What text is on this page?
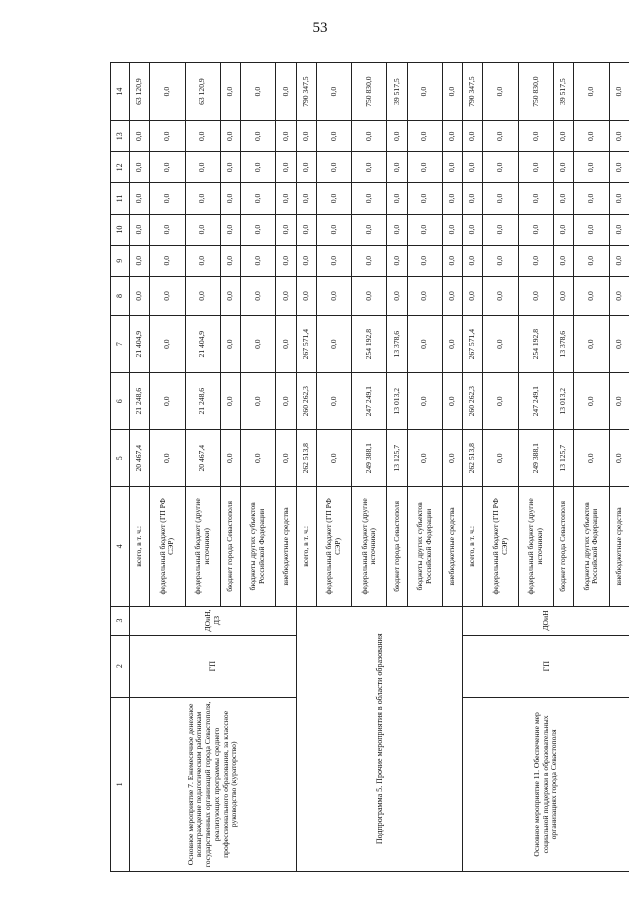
53
1	2	3	4	5	6	7	8	9	10	11	12	13	14
Основное мероприятие 7. Ежемесячное денежное вознаграждение педагогическим работникам государственных организаций города Севастополя, реализующих программы среднего профессионального образования, за классное руководство (кураторство)	ГП	ДОиН, ДЗ	всего, в т. ч.:	20 467,4	21 248,6	21 404,9	0,0	0,0	0,0	0,0	0,0	0,0	63 120,9
			федеральный бюджет (ГП РФ СЭР)	0,0	0,0	0,0	0,0	0,0	0,0	0,0	0,0	0,0	0,0
			федеральный бюджет (другие источники)	20 467,4	21 248,6	21 404,9	0,0	0,0	0,0	0,0	0,0	0,0	63 120,9
			бюджет города Севастополя	0,0	0,0	0,0	0,0	0,0	0,0	0,0	0,0	0,0	0,0
			бюджеты других субъектов Российской Федерации	0,0	0,0	0,0	0,0	0,0	0,0	0,0	0,0	0,0	0,0
			внебюджетные средства	0,0	0,0	0,0	0,0	0,0	0,0	0,0	0,0	0,0	0,0
Подпрограмма 5. Прочие мероприятия в области образования			всего, в т. ч.:	262 513,8	260 262,3	267 571,4	0,0	0,0	0,0	0,0	0,0	0,0	790 347,5
			федеральный бюджет (ГП РФ СЭР)	0,0	0,0	0,0	0,0	0,0	0,0	0,0	0,0	0,0	0,0
			федеральный бюджет (другие источники)	249 388,1	247 249,1	254 192,8	0,0	0,0	0,0	0,0	0,0	0,0	750 830,0
			бюджет города Севастополя	13 125,7	13 013,2	13 378,6	0,0	0,0	0,0	0,0	0,0	0,0	39 517,5
			бюджеты других субъектов Российской Федерации	0,0	0,0	0,0	0,0	0,0	0,0	0,0	0,0	0,0	0,0
			внебюджетные средства	0,0	0,0	0,0	0,0	0,0	0,0	0,0	0,0	0,0	0,0
Основное мероприятие 11. Обеспечение мер социальной поддержки в образовательных организациях города Севастополя	ГП	ДОиН	всего, в т. ч.:	262 513,8	260 262,3	267 571,4	0,0	0,0	0,0	0,0	0,0	0,0	790 347,5
			федеральный бюджет (ГП РФ СЭР)	0,0	0,0	0,0	0,0	0,0	0,0	0,0	0,0	0,0	0,0
			федеральный бюджет (другие источники)	249 388,1	247 249,1	254 192,8	0,0	0,0	0,0	0,0	0,0	0,0	750 830,0
			бюджет города Севастополя	13 125,7	13 013,2	13 378,6	0,0	0,0	0,0	0,0	0,0	0,0	39 517,5
			бюджеты других субъектов Российской Федерации	0,0	0,0	0,0	0,0	0,0	0,0	0,0	0,0	0,0	0,0
			внебюджетные средства	0,0	0,0	0,0	0,0	0,0	0,0	0,0	0,0	0,0	0,0
